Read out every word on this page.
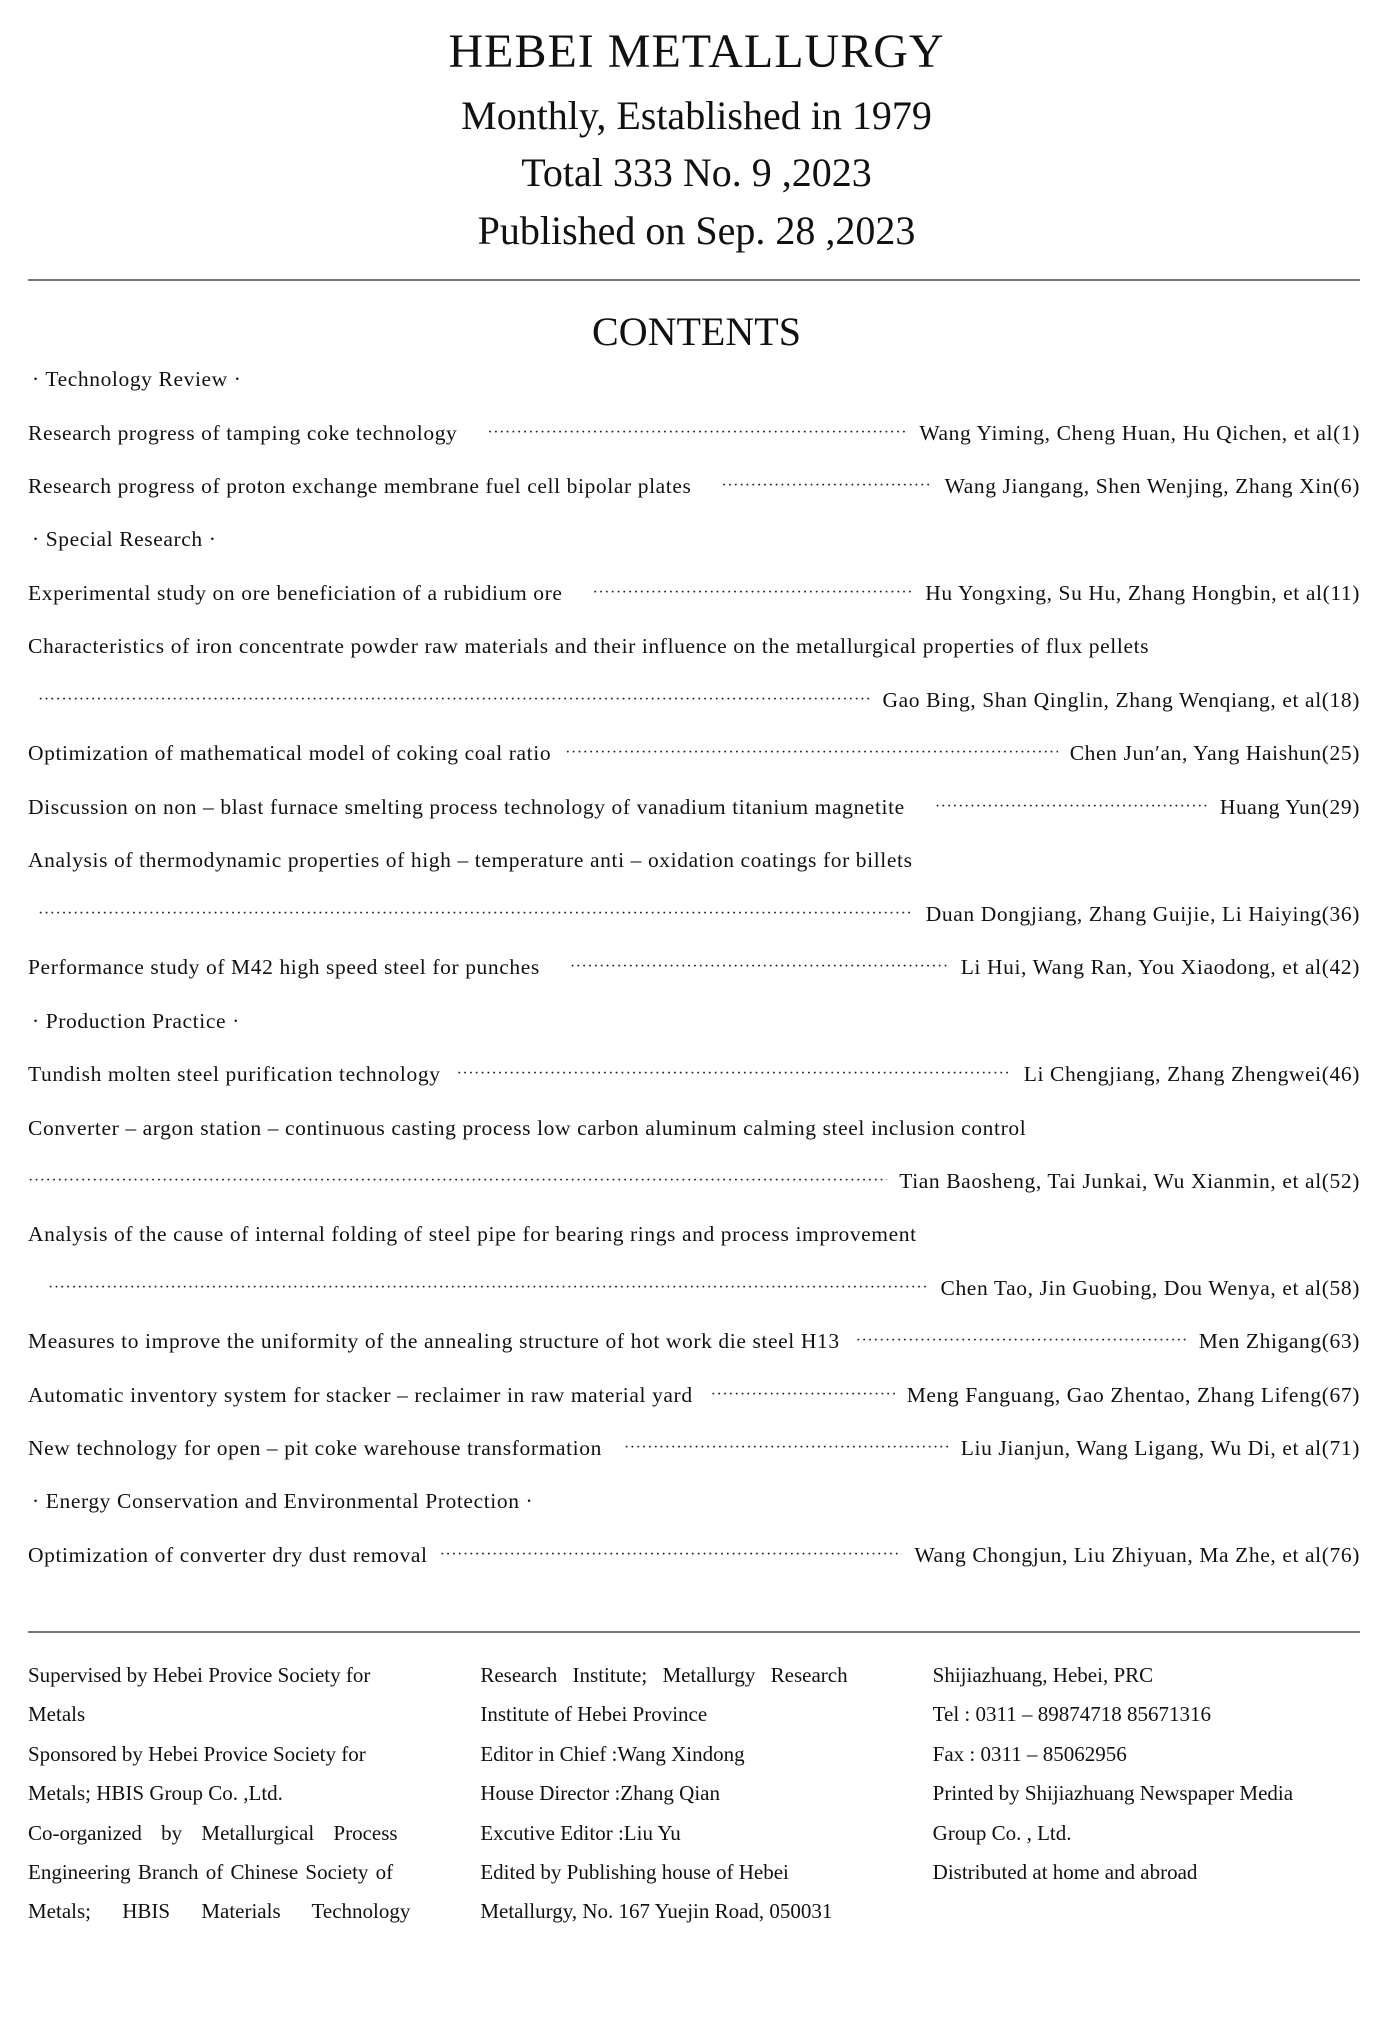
HEBEI METALLURGY
Monthly, Established in 1979
Total 333 No. 9 ,2023
Published on Sep. 28 ,2023
CONTENTS
· Technology Review ·
Research progress of tamping coke technology ·····	Wang Yiming, Cheng Huan, Hu Qichen, et al (1)
Research progress of proton exchange membrane fuel cell bipolar plates ·····	Wang Jiangang, Shen Wenjing, Zhang Xin (6)
· Special Research ·
Experimental study on ore beneficiation of a rubidium ore ·····	Hu Yongxing, Su Hu, Zhang Hongbin, et al (11)
Characteristics of iron concentrate powder raw materials and their influence on the metallurgical properties of flux pellets
·····
Gao Bing, Shan Qinglin, Zhang Wenqiang, et al (18)
Optimization of mathematical model of coking coal ratio ·····	Chen Jun′an, Yang Haishun (25)
Discussion on non – blast furnace smelting process technology of vanadium titanium magnetite ·····	Huang Yun (29)
Analysis of thermodynamic properties of high – temperature anti – oxidation coatings for billets
·····
Duan Dongjiang, Zhang Guijie, Li Haiying (36)
Performance study of M42 high speed steel for punches ·····	Li Hui, Wang Ran, You Xiaodong, et al (42)
· Production Practice ·
Tundish molten steel purification technology ·····	Li Chengjiang, Zhang Zhengwei (46)
Converter – argon station – continuous casting process low carbon aluminum calming steel inclusion control
·····
Tian Baosheng, Tai Junkai, Wu Xianmin, et al (52)
Analysis of the cause of internal folding of steel pipe for bearing rings and process improvement
·····
Chen Tao, Jin Guobing, Dou Wenya, et al (58)
Measures to improve the uniformity of the annealing structure of hot work die steel H13 ·····	Men Zhigang (63)
Automatic inventory system for stacker – reclaimer in raw material yard ·····	Meng Fanguang, Gao Zhentao, Zhang Lifeng (67)
New technology for open – pit coke warehouse transformation ·····	Liu Jianjun, Wang Ligang, Wu Di, et al (71)
· Energy Conservation and Environmental Protection ·
Optimization of converter dry dust removal ·····	Wang Chongjun, Liu Zhiyuan, Ma Zhe, et al (76)
Supervised by Hebei Provice Society for
Metals
Sponsored by Hebei Provice Society for
Metals; HBIS Group Co. ,Ltd.
Co-organized by Metallurgical Process
Engineering Branch of Chinese Society of
Metals; HBIS Materials Technology
Research Institute; Metallurgy Research
Institute of Hebei Province
Editor in Chief :Wang Xindong
House Director :Zhang Qian
Excutive Editor :Liu Yu
Edited by Publishing house of Hebei
Metallurgy, No. 167 Yuejin Road, 050031
Shijiazhuang, Hebei, PRC
Tel : 0311 – 89874718 85671316
Fax : 0311 – 85062956
Printed by Shijiazhuang Newspaper Media
Group Co. , Ltd.
Distributed at home and abroad
